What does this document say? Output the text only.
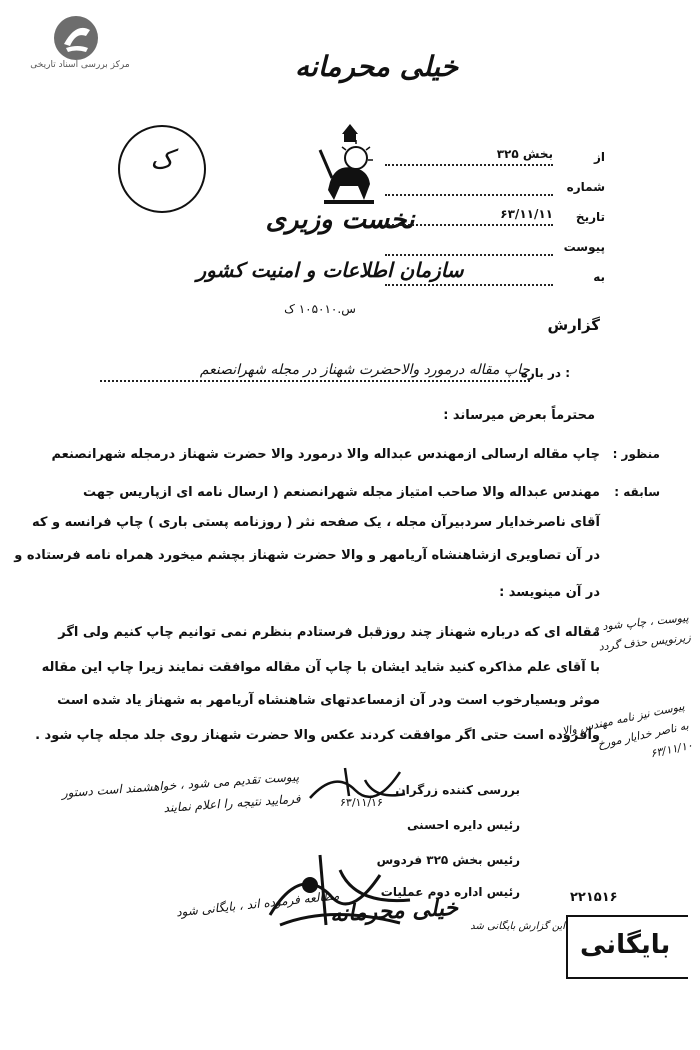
مرکز بررسی اسناد تاریخی	خیلی محرمانه
ک
نخست وزیری
سازمان اطلاعات و امنیت کشور
س.۱۰۵۰۱۰ ک
از
بخش ۳۲۵
شماره
تاریخ
۶۳/۱۱/۱۱
پیوست
به
گزارش
در باره :
چاپ مقاله درمورد والاحضرت شهناز در مجله شهرانصنعم
محترماً بعرض میرساند :
منظور :
سابقه :
چاپ مقاله ارسالی ازمهندس عبداله والا درمورد والا حضرت شهناز درمجله شهرانصنعم
مهندس عبداله والا صاحب امتیاز مجله شهرانصنعم ( ارسال نامه ای ازپاریس جهت
آقای ناصرخدایار سردبیرآن مجله ، یک صفحه نثر ( روزنامه پستی باری ) چاپ فرانسه و که
در آن تصاویری ازشاهنشاه آریامهر و والا حضرت شهناز بچشم میخورد همراه نامه فرستاده و
در آن مینویسد :
مقاله ای که درباره شهناز چند روزقبل فرستادم بنظرم نمی توانیم چاپ کنیم ولی اگر
با آقای علم مذاکره کنید شاید ایشان با چاپ آن مقاله موافقت نمایند زیرا چاپ این مقاله
موثر وبسیارخوب است ودر آن ازمساعدتهای شاهنشاه آریامهر به شهناز یاد شده است
وافزوده است حتی اگر موافقت کردند عکس والا حضرت شهناز روی جلد مجله چاپ شود .
پیوست ، چاپ شود و زیرنویس حذف گردد
پیوست نیز نامه مهندس والا به ناصر خدایار مورخ ۶۳/۱۱/۱۰
۶۳/۱۱/۱۶
بررسی کننده زرگران
رئیس دایره احسنی
رئیس بخش ۳۲۵ فردوس
رئیس اداره دوم عملیات
پیوست تقدیم می شود ، خواهشمند است دستور فرمایید نتیجه را اعلام نمایند
مطالعه فرموده اند ، بایگانی شود
خیلی محرمانه	این گزارش بایگانی شد
۲۲۱۵۱۶
بایگانی
